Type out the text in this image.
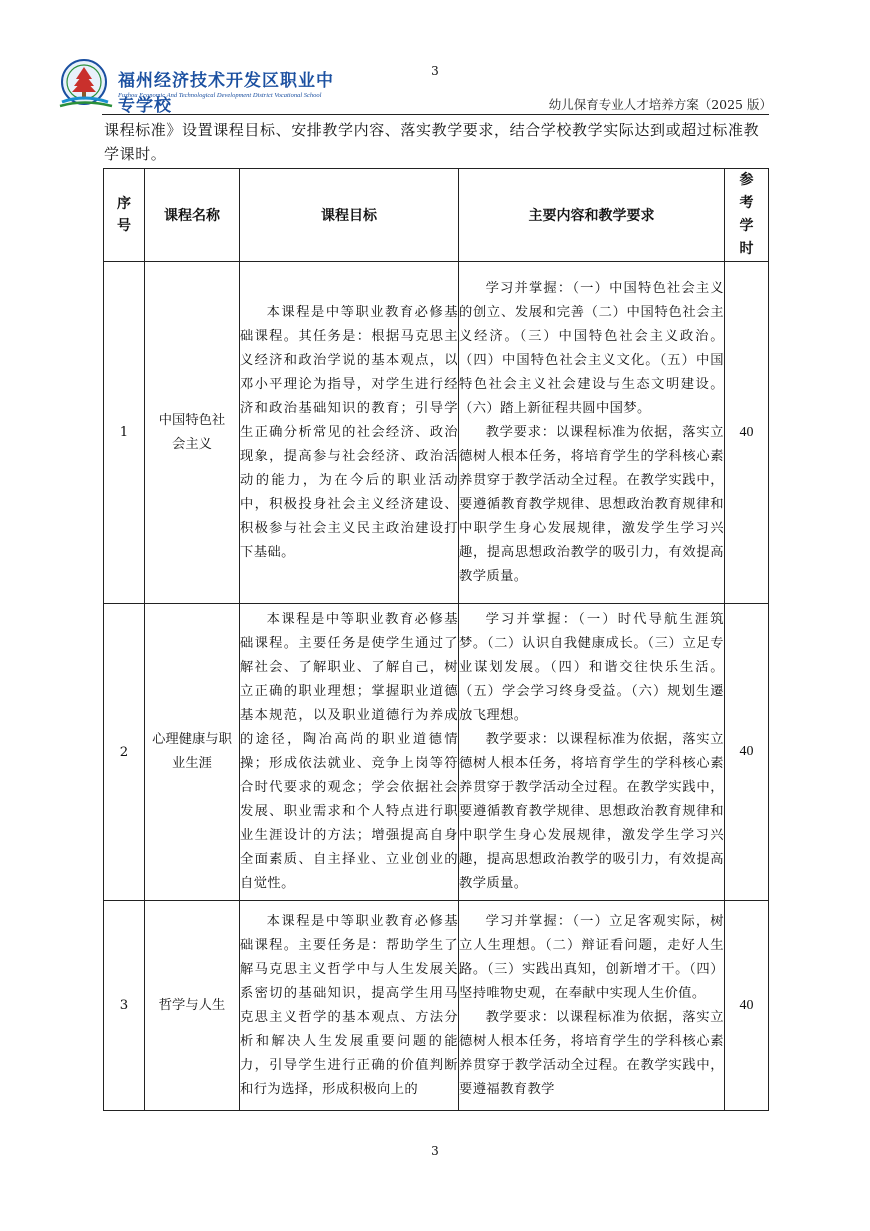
3
福州经济技术开发区职业中专学校
Fuzhou Economic And Technological Development District Vocational School
幼儿保育专业人才培养方案（2025 版）
课程标准》设置课程目标、安排教学内容、落实教学要求，结合学校教学实际达到或超过标准教学课时。
序号	课程名称	课程目标	主要内容和教学要求	参考学时

1	中国特色社会主义	本课程是中等职业教育必修基础课程。其任务是：根据马克思主义经济和政治学说的基本观点，以邓小平理论为指导，对学生进行经济和政治基础知识的教育；引导学生正确分析常见的社会经济、政治现象，提高参与社会经济、政治活动的能力，为在今后的职业活动中，积极投身社会主义经济建设、积极参与社会主义民主政治建设打下基础。	学习并掌握：（一）中国特色社会主义的创立、发展和完善（二）中国特色社会主义经济。（三）中国特色社会主义政治。（四）中国特色社会主义文化。（五）中国特色社会主义社会建设与生态文明建设。（六）踏上新征程共圆中国梦。

教学要求：以课程标准为依据，落实立德树人根本任务，将培育学生的学科核心素养贯穿于教学活动全过程。在教学实践中，要遵循教育教学规律、思想政治教育规律和中职学生身心发展规律，激发学生学习兴趣，提高思想政治教学的吸引力，有效提高教学质量。	40
2	心理健康与职业生涯	本课程是中等职业教育必修基础课程。主要任务是使学生通过了解社会、了解职业、了解自己，树立正确的职业理想；掌握职业道德基本规范，以及职业道德行为养成的途径，陶冶高尚的职业道德情操；形成依法就业、竞争上岗等符合时代要求的观念；学会依据社会发展、职业需求和个人特点进行职业生涯设计的方法；增强提高自身全面素质、自主择业、立业创业的自觉性。	学习并掌握：（一）时代导航生涯筑梦。（二）认识自我健康成长。（三）立足专业谋划发展。（四）和谐交往快乐生活。（五）学会学习终身受益。（六）规划生遷放飞理想。

教学要求：以课程标准为依据，落实立德树人根本任务，将培育学生的学科核心素养贯穿于教学活动全过程。在教学实践中，要遵循教育教学规律、思想政治教育规律和中职学生身心发展规律，激发学生学习兴趣，提高思想政治教学的吸引力，有效提高教学质量。	40
3	哲学与人生	本课程是中等职业教育必修基础课程。主要任务是：帮助学生了解马克思主义哲学中与人生发展关系密切的基础知识，提高学生用马克思主义哲学的基本观点、方法分析和解决人生发展重要问题的能力，引导学生进行正确的价值判断和行为选择，形成积极向上的	学习并掌握：（一）立足客观实际，树立人生理想。（二）辩证看问题，走好人生路。（三）实践出真知，创新增才干。（四）坚持唯物史观，在奉献中实现人生价值。

教学要求：以课程标准为依据，落实立德树人根本任务，将培育学生的学科核心素养贯穿于教学活动全过程。在教学实践中，要遵福教育教学	40
3
